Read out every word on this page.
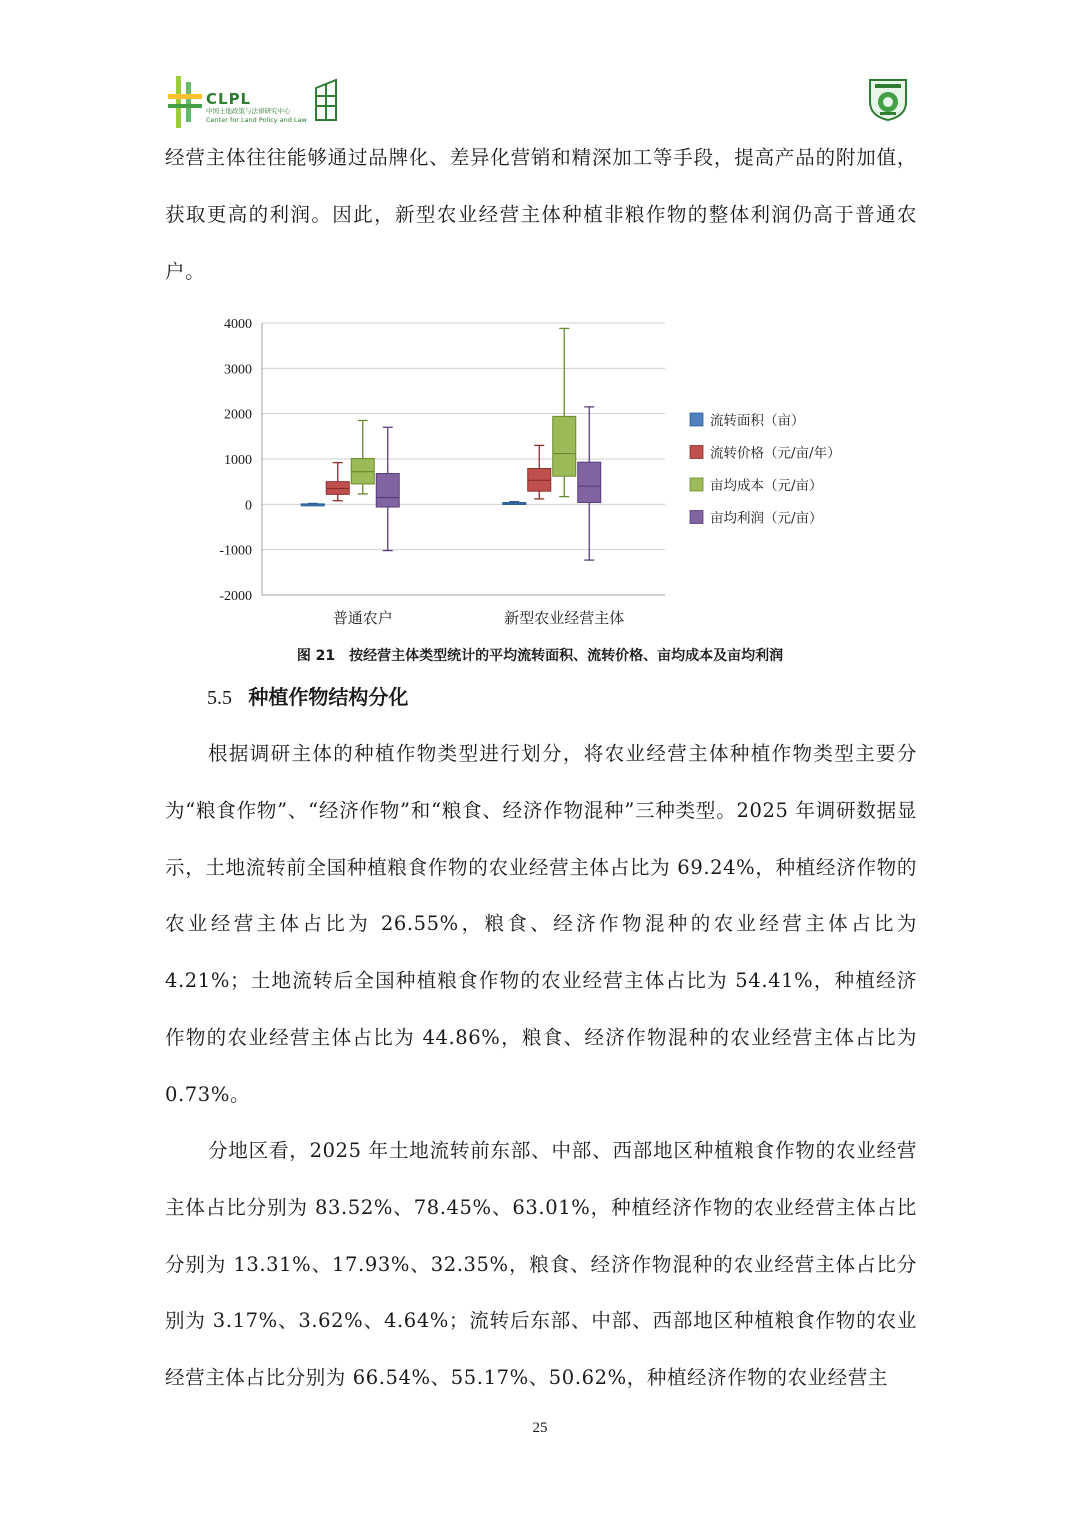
CLPL
中国土地政策与法律研究中心
Center for Land Policy and Law

经营主体往往能够通过品牌化、差异化营销和精深加工等手段，提高产品的附加值，获取更高的利润。因此，新型农业经营主体种植非粮作物的整体利润仍高于普通农户。

-2000
-1000
0
1000
2000
3000
4000
普通农户	新型农业经营主体
流转面积（亩）
流转价格（元/亩/年）
亩均成本（元/亩）
亩均利润（元/亩）
图 21　按经营主体类型统计的平均流转面积、流转价格、亩均成本及亩均利润
5.5 种植作物结构分化

根据调研主体的种植作物类型进行划分，将农业经营主体种植作物类型主要分为“粮食作物”、“经济作物”和“粮食、经济作物混种”三种类型。2025 年调研数据显示，土地流转前全国种植粮食作物的农业经营主体占比为 69.24%，种植经济作物的农业经营主体占比为 26.55%，粮食、经济作物混种的农业经营主体占比为 4.21%；土地流转后全国种植粮食作物的农业经营主体占比为 54.41%，种植经济作物的农业经营主体占比为 44.86%，粮食、经济作物混种的农业经营主体占比为 0.73%。

分地区看，2025 年土地流转前东部、中部、西部地区种植粮食作物的农业经营主体占比分别为 83.52%、78.45%、63.01%，种植经济作物的农业经营主体占比分别为 13.31%、17.93%、32.35%，粮食、经济作物混种的农业经营主体占比分别为 3.17%、3.62%、4.64%；流转后东部、中部、西部地区种植粮食作物的农业经营主体占比分别为 66.54%、55.17%、50.62%，种植经济作物的农业经营主

25
